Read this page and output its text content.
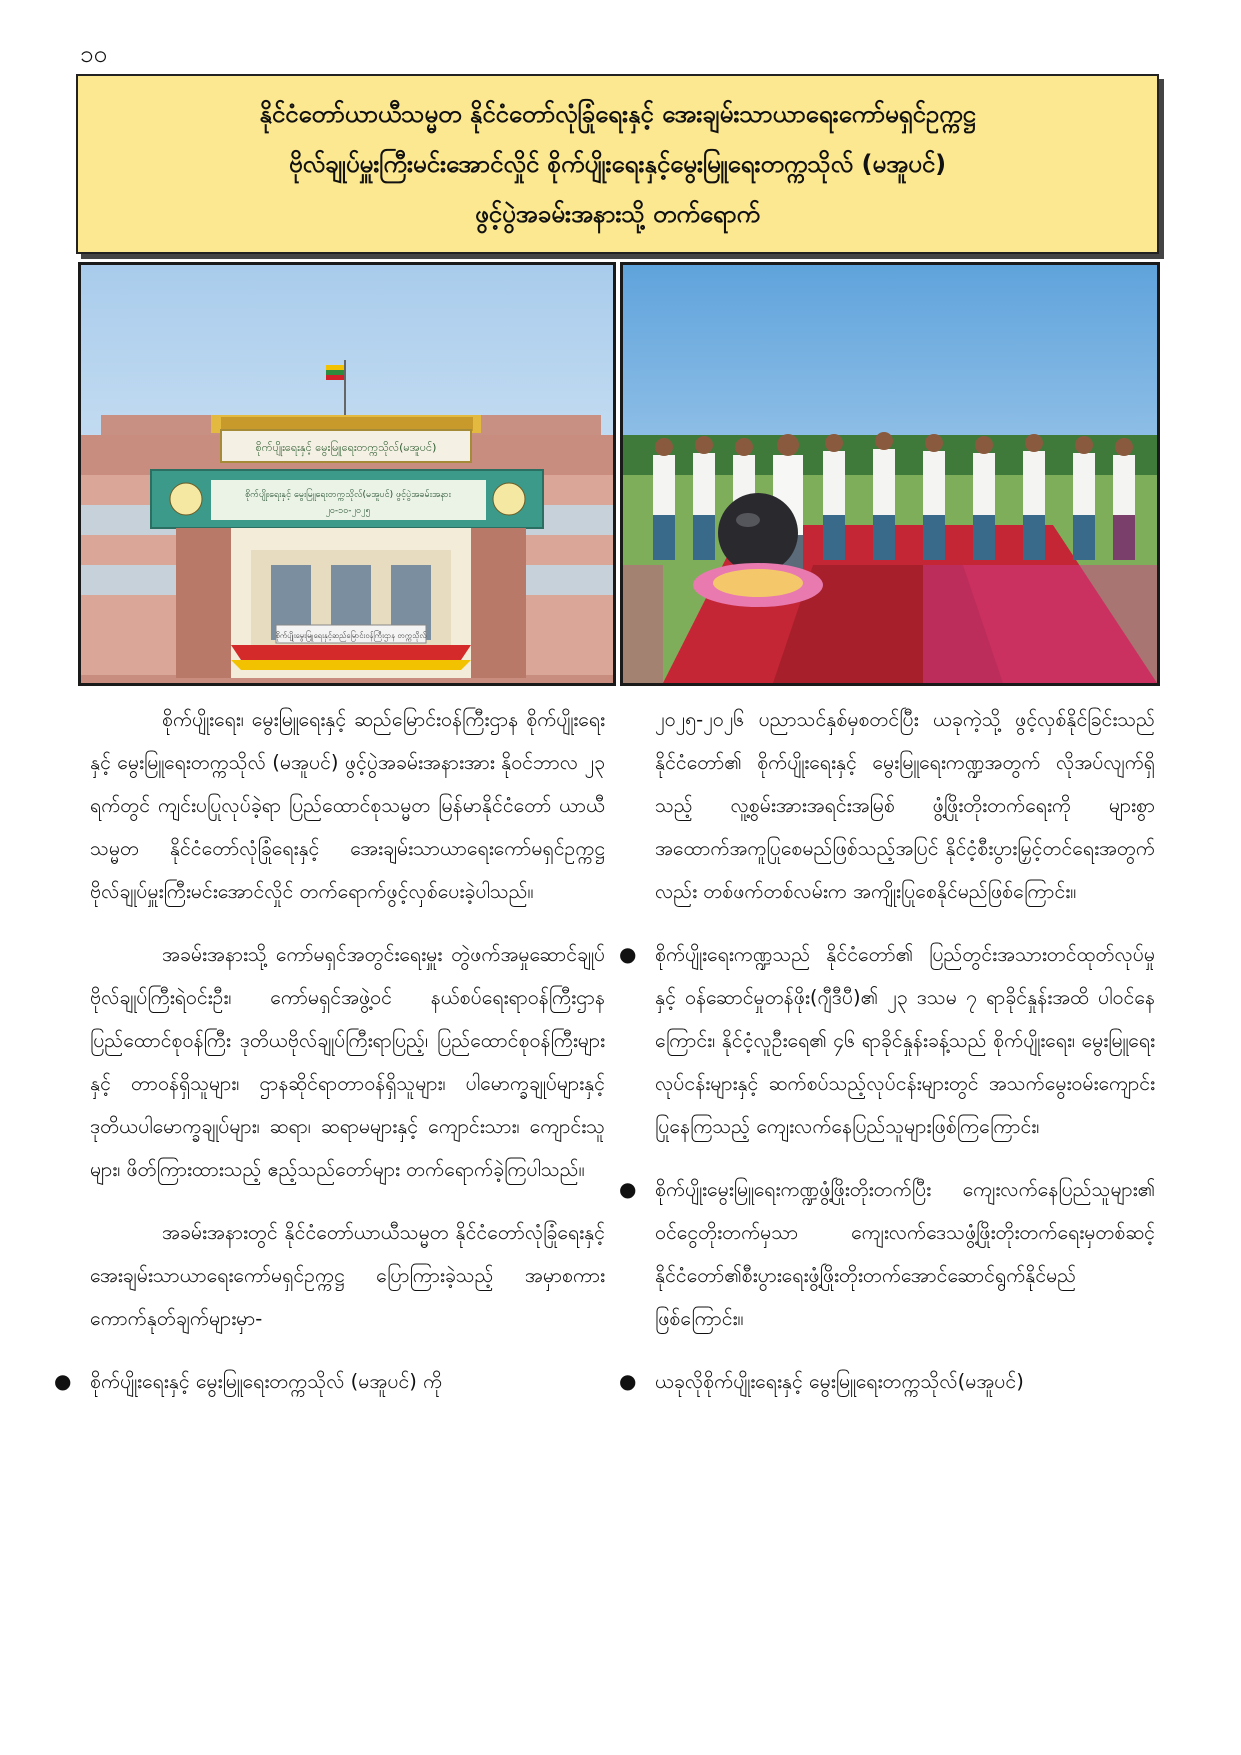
၁၀
နိုင်ငံတော်ယာယီသမ္မတ နိုင်ငံတော်လုံခြုံရေးနှင့် အေးချမ်းသာယာရေးကော်မရှင်ဥက္ကဋ္ဌ
ဗိုလ်ချုပ်မှူးကြီးမင်းအောင်လှိုင် စိုက်ပျိုးရေးနှင့်မွေးမြူရေးတက္ကသိုလ် (မအူပင်)
ဖွင့်ပွဲအခမ်းအနားသို့ တက်ရောက်
စိုက်ပျိုးရေးနှင့် မွေးမြူရေးတက္ကသိုလ်(မအူပင်)
စိုက်ပျိုးရေးနှင့် မွေးမြူရေးတက္ကသိုလ်(မအူပင်) ဖွင့်ပွဲအခမ်းအနား
၂၀-၁၀-၂၀၂၅
စိုက်ပျိုးမွေးမြူရေးနှင့်ဆည်မြောင်းဝန်ကြီးဌာန တက္ကသိုလ်

စိုက်ပျိုးရေး၊ မွေးမြူရေးနှင့် ဆည်မြောင်းဝန်ကြီးဌာန စိုက်ပျိုးရေးနှင့် မွေးမြူရေးတက္ကသိုလ် (မအူပင်) ဖွင့်ပွဲအခမ်းအနားအား နိုဝင်ဘာလ ၂၃ ရက်တွင် ကျင်းပပြုလုပ်ခဲ့ရာ ပြည်ထောင်စုသမ္မတ မြန်မာနိုင်ငံတော် ယာယီသမ္မတ နိုင်ငံတော်လုံခြုံရေးနှင့် အေးချမ်းသာယာရေးကော်မရှင်ဥက္ကဋ္ဌ ဗိုလ်ချုပ်မှူးကြီးမင်းအောင်လှိုင် တက်ရောက်ဖွင့်လှစ်ပေးခဲ့ပါသည်။

အခမ်းအနားသို့ ကော်မရှင်အတွင်းရေးမှူး တွဲဖက်အမှုဆောင်ချုပ် ဗိုလ်ချုပ်ကြီးရဲဝင်းဦး၊ ကော်မရှင်အဖွဲ့ဝင် နယ်စပ်ရေးရာဝန်ကြီးဌာန ပြည်ထောင်စုဝန်ကြီး ဒုတိယဗိုလ်ချုပ်ကြီးရာပြည့်၊ ပြည်ထောင်စုဝန်ကြီးများနှင့် တာဝန်ရှိသူများ၊ ဌာနဆိုင်ရာတာဝန်ရှိသူများ၊ ပါမောက္ခချုပ်များနှင့် ဒုတိယပါမောက္ခချုပ်များ၊ ဆရာ၊ ဆရာမများနှင့် ကျောင်းသား၊ ကျောင်းသူများ၊ ဖိတ်ကြားထားသည့် ဧည့်သည်တော်များ တက်ရောက်ခဲ့ကြပါသည်။

အခမ်းအနားတွင် နိုင်ငံတော်ယာယီသမ္မတ နိုင်ငံတော်လုံခြုံရေးနှင့် အေးချမ်းသာယာရေးကော်မရှင်ဥက္ကဋ္ဌ ပြောကြားခဲ့သည့် အမှာစကားကောက်နုတ်ချက်များမှာ-

● စိုက်ပျိုးရေးနှင့် မွေးမြူရေးတက္ကသိုလ် (မအူပင်) ကို

၂၀၂၅-၂၀၂၆ ပညာသင်နှစ်မှစတင်ပြီး ယခုကဲ့သို့ ဖွင့်လှစ်နိုင်ခြင်းသည် နိုင်ငံတော်၏ စိုက်ပျိုးရေးနှင့် မွေးမြူရေးကဏ္ဍအတွက် လိုအပ်လျက်ရှိသည့် လူ့စွမ်းအားအရင်းအမြစ် ဖွံ့ဖြိုးတိုးတက်ရေးကို များစွာအထောက်အကူပြုစေမည်ဖြစ်သည့်အပြင် နိုင်ငံ့စီးပွားမြှင့်တင်ရေးအတွက်လည်း တစ်ဖက်တစ်လမ်းက အကျိုးပြုစေနိုင်မည်ဖြစ်ကြောင်း။

● စိုက်ပျိုးရေးကဏ္ဍသည် နိုင်ငံတော်၏ ပြည်တွင်းအသားတင်ထုတ်လုပ်မှုနှင့် ဝန်ဆောင်မှုတန်ဖိုး(ဂျီဒီပီ)၏ ၂၃ ဒသမ ၇ ရာခိုင်နှုန်းအထိ ပါဝင်နေကြောင်း၊ နိုင်ငံ့လူဦးရေ၏ ၄၆ ရာခိုင်နှုန်းခန့်သည် စိုက်ပျိုးရေး၊ မွေးမြူရေးလုပ်ငန်းများနှင့် ဆက်စပ်သည့်လုပ်ငန်းများတွင် အသက်မွေးဝမ်းကျောင်းပြုနေကြသည့် ကျေးလက်နေပြည်သူများဖြစ်ကြကြောင်း၊
● စိုက်ပျိုးမွေးမြူရေးကဏ္ဍဖွံ့ဖြိုးတိုးတက်ပြီး ကျေးလက်နေပြည်သူများ၏ ဝင်ငွေတိုးတက်မှသာ ကျေးလက်ဒေသဖွံ့ဖြိုးတိုးတက်ရေးမှတစ်ဆင့် နိုင်ငံတော်၏စီးပွားရေးဖွံ့ဖြိုးတိုးတက်အောင်ဆောင်ရွက်နိုင်မည်ဖြစ်ကြောင်း။
● ယခုလိုစိုက်ပျိုးရေးနှင့် မွေးမြူရေးတက္ကသိုလ်(မအူပင်)
